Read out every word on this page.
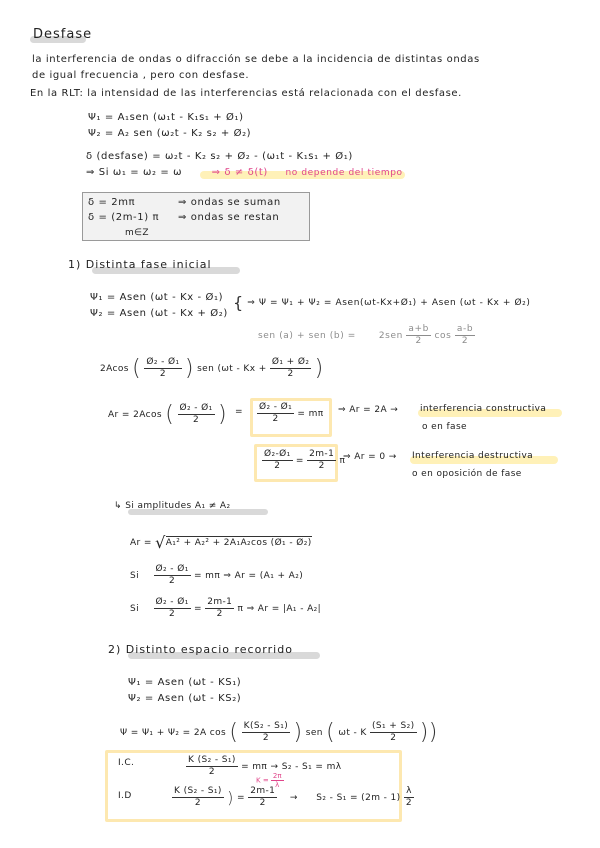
Desfase
la interferencia de ondas o difracción se debe a la incidencia de distintas ondas
de igual frecuencia , pero con desfase.
En la RLT: la intensidad de las interferencias está relacionada con el desfase.
Ψ₁ = A₁sen (ω₁t - K₁s₁ + Ø₁)
Ψ₂ = A₂ sen (ω₂t - K₂ s₂ + Ø₂)
δ (desfase) = ω₂t - K₂ s₂ + Ø₂ - (ω₁t - K₁s₁ + Ø₁)
⇒ Si ω₁ = ω₂ = ω	⇒ δ ≠ δ(t) no depende del tiempo
δ = 2mπ	⇒ ondas se suman
δ = (2m-1) π ⇒ ondas se restan
m∈Z
1) Distinta fase inicial
Ψ₁ = Asen (ωt - Kx - Ø₁)
Ψ₂ = Asen (ωt - Kx + Ø₂)
{ ⇒ Ψ = Ψ₁ + Ψ₂ = Asen(ωt-Kx+Ø₁) + Asen (ωt - Kx + Ø₂)
sen (a) + sen (b) =	$2sen \frac{a+b}{2}$ $\cos \frac{a-b}{2}$
2Acos ( $\frac{\text{Ø₂ - Ø₁}}{2}$ ) sen ($\omega t - Kx + \frac{\text{Ø₁ + Ø₂}}{2}$ )
Ar = 2Acos ( $\frac{\text{Ø₂ - Ø₁}}{2}$ ) = $\frac{\text{Ø₂ - Ø₁}}{2} = m\pi$ ⇒ Ar = 2A → interferencia constructiva
o en fase
$\frac{\text{Ø₂-Ø₁}}{2} = \frac{2m-1}{2}$ π
⇒ Ar = 0 → Interferencia destructiva
o en oposición de fase
↳ Si amplitudes A₁ ≠ A₂
Ar = √A₁² + A₂² + 2A₁A₂cos (Ø₁ - Ø₂)
Si $\frac{\text{Ø₂ - Ø₁}}{2} = m\pi$ ⇒ Ar = (A₁ + A₂)
Si $\frac{\text{Ø₂ - Ø₁}}{2} = \frac{2m-1}{2}$ π ⇒ Ar = |A₁ - A₂|
2) Distinto espacio recorrido
Ψ₁ = Asen (ωt - KS₁)
Ψ₂ = Asen (ωt - KS₂)
Ψ = Ψ₁ + Ψ₂ = 2A cos ( $\frac{\text{K(S₂ - S₁)}}{2}$ ) sen ( ωt - K $\frac{\text{(S₁ + S₂)}}{2}$ ))
I.C.	$\frac{\text{K (S₂ - S₁)}}{2} = m\pi \to S_2 - S_1 = m\lambda$
$K = \frac{2\pi}{\lambda}$
I.D	$\frac{\text{K (S₂ - S₁)}}{2}$ ) = $\frac{2m-1}{2} \to S_2 - S_1 = (2m - 1) \frac{\lambda}{2}$
